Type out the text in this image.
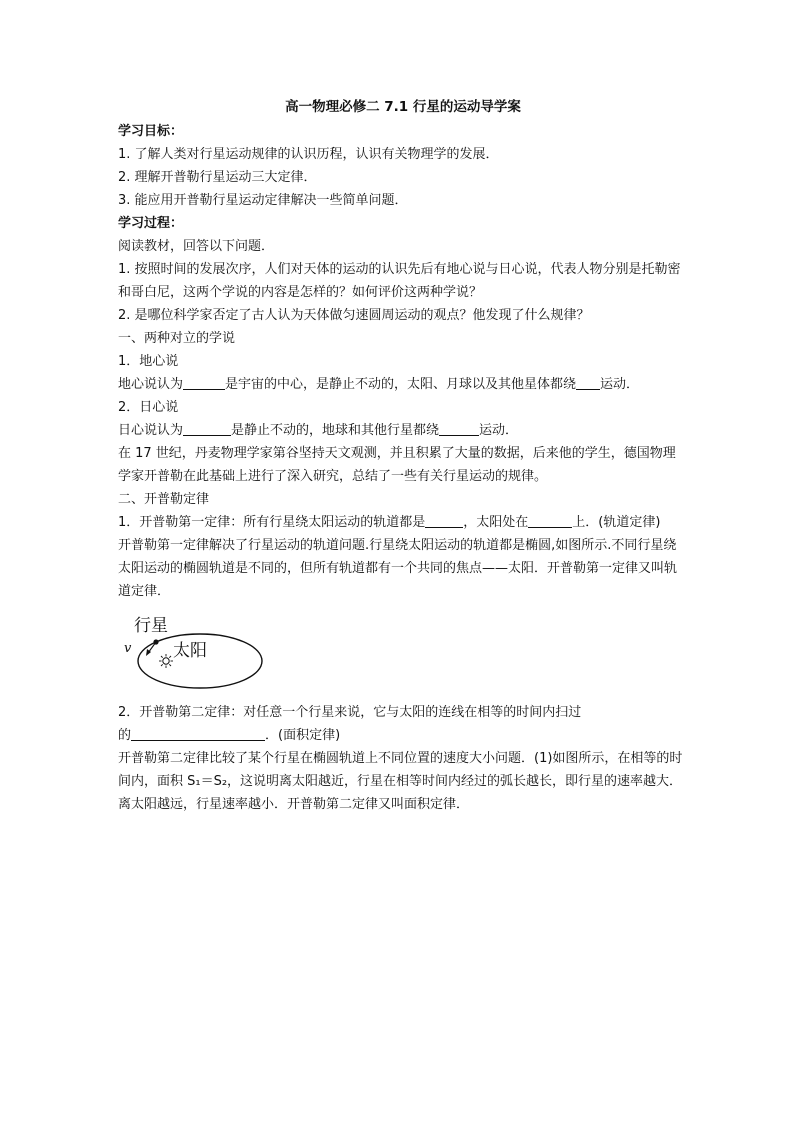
高一物理必修二 7.1 行星的运动导学案
学习目标：
1. 了解人类对行星运动规律的认识历程，认识有关物理学的发展．
2. 理解开普勒行星运动三大定律．
3. 能应用开普勒行星运动定律解决一些简单问题．
学习过程：
阅读教材，回答以下问题．
1. 按照时间的发展次序，人们对天体的运动的认识先后有地心说与日心说，代表人物分别是托勒密和哥白尼，这两个学说的内容是怎样的？如何评价这两种学说？
2. 是哪位科学家否定了古人认为天体做匀速圆周运动的观点？他发现了什么规律？
一、两种对立的学说
1．地心说
地心说认为	是宇宙的中心，是静止不动的，太阳、月球以及其他星体都绕 运动．
2．日心说
日心说认为	是静止不动的，地球和其他行星都绕	运动．
在 17 世纪，丹麦物理学家第谷坚持天文观测，并且积累了大量的数据，后来他的学生，德国物理学家开普勒在此基础上进行了深入研究，总结了一些有关行星运动的规律。
二、开普勒定律
1．开普勒第一定律：所有行星绕太阳运动的轨道都是	，太阳处在	上．(轨道定律)
开普勒第一定律解决了行星运动的轨道问题.行星绕太阳运动的轨道都是椭圆,如图所示.不同行星绕太阳运动的椭圆轨道是不同的，但所有轨道都有一个共同的焦点——太阳．开普勒第一定律又叫轨道定律．
行星
太阳
v
2．开普勒第二定律：对任意一个行星来说，它与太阳的连线在相等的时间内扫过
的	．(面积定律)
开普勒第二定律比较了某个行星在椭圆轨道上不同位置的速度大小问题．(1)如图所示，在相等的时间内，面积 S₁＝S₂，这说明离太阳越近，行星在相等时间内经过的弧长越长，即行星的速率越大．离太阳越远，行星速率越小．开普勒第二定律又叫面积定律．
